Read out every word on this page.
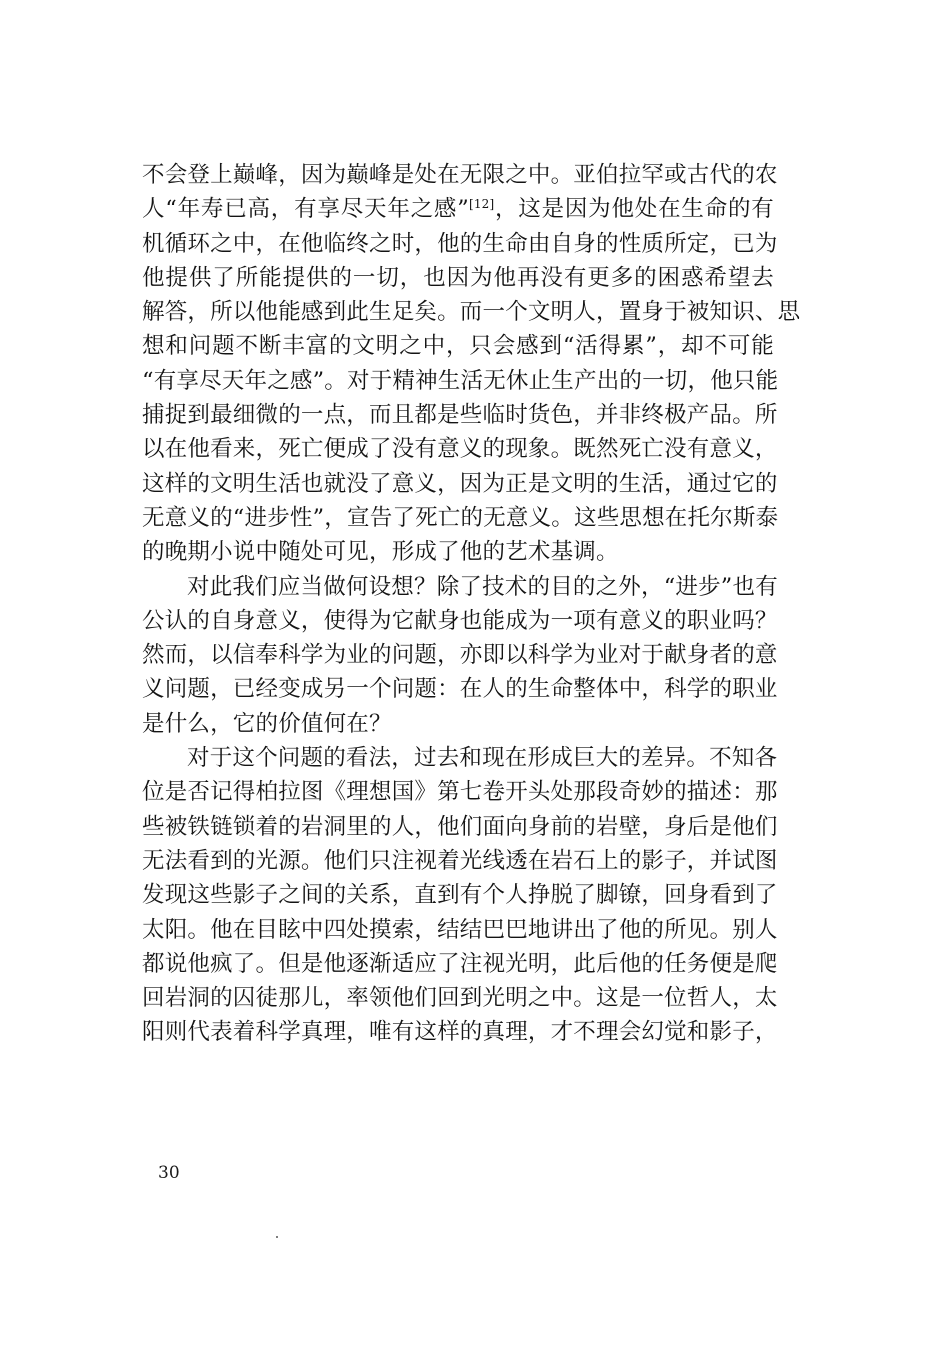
不会登上巅峰，因为巅峰是处在无限之中。亚伯拉罕或古代的农
人“年寿已高，有享尽天年之感”[12]，这是因为他处在生命的有
机循环之中，在他临终之时，他的生命由自身的性质所定，已为
他提供了所能提供的一切，也因为他再没有更多的困惑希望去
解答，所以他能感到此生足矣。而一个文明人，置身于被知识、思
想和问题不断丰富的文明之中，只会感到“活得累”，却不可能
“有享尽天年之感”。对于精神生活无休止生产出的一切，他只能
捕捉到最细微的一点，而且都是些临时货色，并非终极产品。所
以在他看来，死亡便成了没有意义的现象。既然死亡没有意义，
这样的文明生活也就没了意义，因为正是文明的生活，通过它的
无意义的“进步性”，宣告了死亡的无意义。这些思想在托尔斯泰
的晚期小说中随处可见，形成了他的艺术基调。
对此我们应当做何设想？除了技术的目的之外，“进步”也有
公认的自身意义，使得为它献身也能成为一项有意义的职业吗？
然而，以信奉科学为业的问题，亦即以科学为业对于献身者的意
义问题，已经变成另一个问题：在人的生命整体中，科学的职业
是什么，它的价值何在？
对于这个问题的看法，过去和现在形成巨大的差异。不知各
位是否记得柏拉图《理想国》第七卷开头处那段奇妙的描述：那
些被铁链锁着的岩洞里的人，他们面向身前的岩壁，身后是他们
无法看到的光源。他们只注视着光线透在岩石上的影子，并试图
发现这些影子之间的关系，直到有个人挣脱了脚镣，回身看到了
太阳。他在目眩中四处摸索，结结巴巴地讲出了他的所见。别人
都说他疯了。但是他逐渐适应了注视光明，此后他的任务便是爬
回岩洞的囚徒那儿，率领他们回到光明之中。这是一位哲人，太
阳则代表着科学真理，唯有这样的真理，才不理会幻觉和影子，
30
